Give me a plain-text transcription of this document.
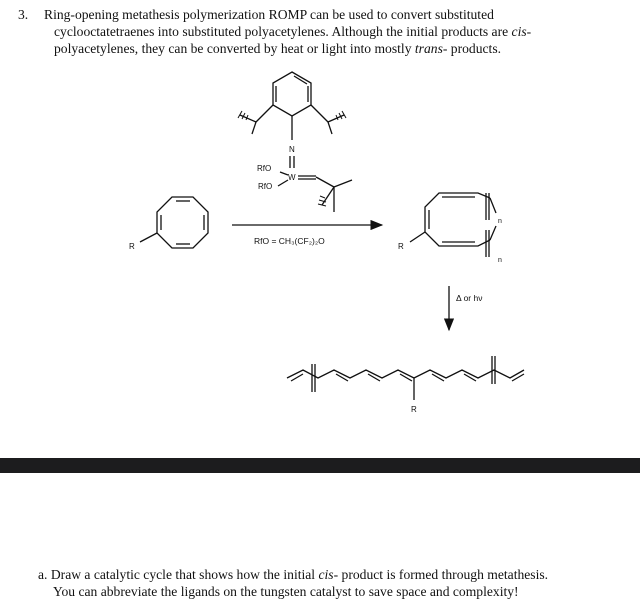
3.	Ring-opening metathesis polymerization ROMP can be used to convert substituted
cyclooctatetraenes into substituted polyacetylenes. Although the initial products are cis-
polyacetylenes, they can be converted by heat or light into mostly trans- products.
N
W
RfO
RfO
R
RfO = CH₃(CF₂)₂O
R
n
n
Δ or hν
R
a. Draw a catalytic cycle that shows how the initial cis- product is formed through metathesis.
You can abbreviate the ligands on the tungsten catalyst to save space and complexity!
